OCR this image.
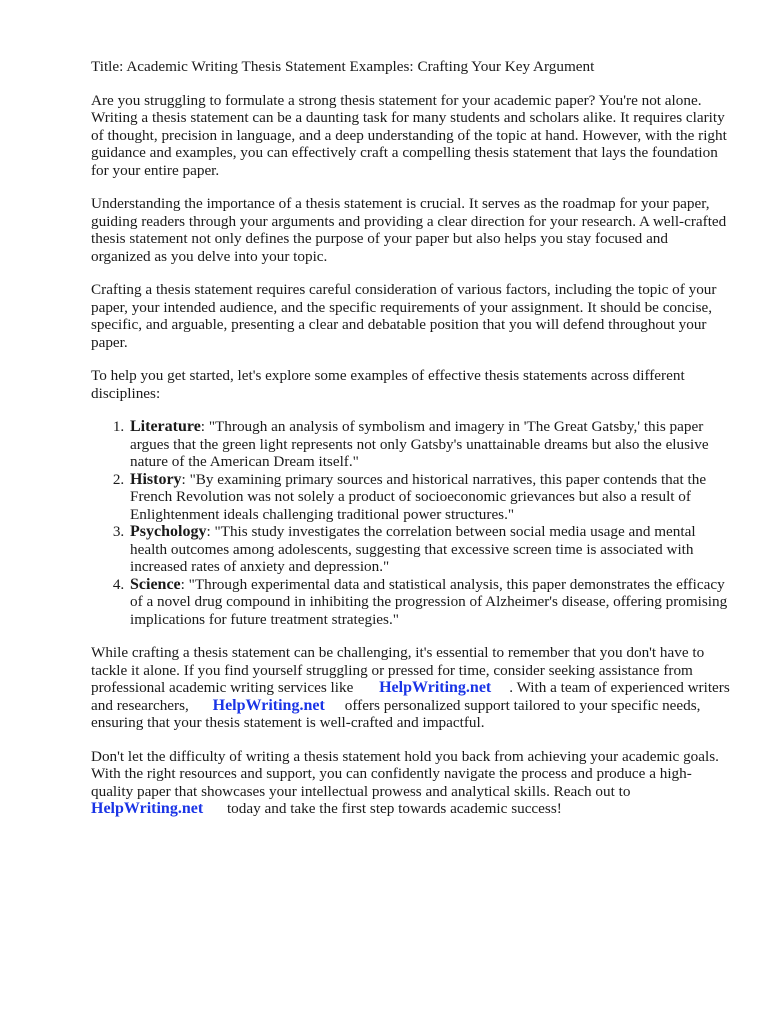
Title: Academic Writing Thesis Statement Examples: Crafting Your Key Argument

Are you struggling to formulate a strong thesis statement for your academic paper? You're not alone. Writing a thesis statement can be a daunting task for many students and scholars alike. It requires clarity of thought, precision in language, and a deep understanding of the topic at hand. However, with the right guidance and examples, you can effectively craft a compelling thesis statement that lays the foundation for your entire paper.

Understanding the importance of a thesis statement is crucial. It serves as the roadmap for your paper, guiding readers through your arguments and providing a clear direction for your research. A well-crafted thesis statement not only defines the purpose of your paper but also helps you stay focused and organized as you delve into your topic.

Crafting a thesis statement requires careful consideration of various factors, including the topic of your paper, your intended audience, and the specific requirements of your assignment. It should be concise, specific, and arguable, presenting a clear and debatable position that you will defend throughout your paper.

To help you get started, let's explore some examples of effective thesis statements across different disciplines:

1. Literature: "Through an analysis of symbolism and imagery in 'The Great Gatsby,' this paper argues that the green light represents not only Gatsby's unattainable dreams but also the elusive nature of the American Dream itself."
2. History: "By examining primary sources and historical narratives, this paper contends that the French Revolution was not solely a product of socioeconomic grievances but also a result of Enlightenment ideals challenging traditional power structures."
3. Psychology: "This study investigates the correlation between social media usage and mental health outcomes among adolescents, suggesting that excessive screen time is associated with increased rates of anxiety and depression."
4. Science: "Through experimental data and statistical analysis, this paper demonstrates the efficacy of a novel drug compound in inhibiting the progression of Alzheimer's disease, offering promising implications for future treatment strategies."

While crafting a thesis statement can be challenging, it's essential to remember that you don't have to tackle it alone. If you find yourself struggling or pressed for time, consider seeking assistance from professional academic writing services like HelpWriting.net . With a team of experienced writers and researchers, HelpWriting.net offers personalized support tailored to your specific needs, ensuring that your thesis statement is well-crafted and impactful.

Don't let the difficulty of writing a thesis statement hold you back from achieving your academic goals. With the right resources and support, you can confidently navigate the process and produce a high-quality paper that showcases your intellectual prowess and analytical skills. Reach out to HelpWriting.net today and take the first step towards academic success!
